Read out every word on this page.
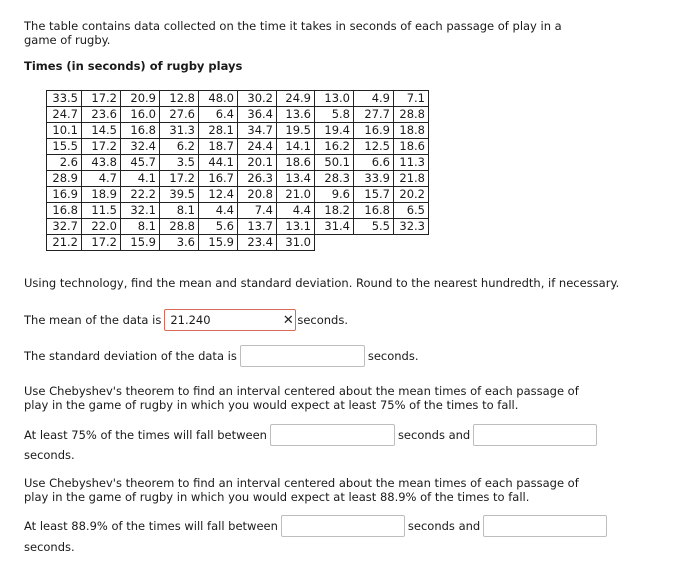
The table contains data collected on the time it takes in seconds of each passage of play in a game of rugby.
Times (in seconds) of rugby plays
33.5	17.2	20.9	12.8	48.0	30.2	24.9	13.0	4.9	7.1
24.7	23.6	16.0	27.6	6.4	36.4	13.6	5.8	27.7	28.8
10.1	14.5	16.8	31.3	28.1	34.7	19.5	19.4	16.9	18.8
15.5	17.2	32.4	6.2	18.7	24.4	14.1	16.2	12.5	18.6
2.6	43.8	45.7	3.5	44.1	20.1	18.6	50.1	6.6	11.3
28.9	4.7	4.1	17.2	16.7	26.3	13.4	28.3	33.9	21.8
16.9	18.9	22.2	39.5	12.4	20.8	21.0	9.6	15.7	20.2
16.8	11.5	32.1	8.1	4.4	7.4	4.4	18.2	16.8	6.5
32.7	22.0	8.1	28.8	5.6	13.7	13.1	31.4	5.5	32.3
21.2	17.2	15.9	3.6	15.9	23.4	31.0			
Using technology, find the mean and standard deviation. Round to the nearest hundredth, if necessary.
The mean of the data is 21.240	✕ seconds.
The standard deviation of the data is	seconds.
Use Chebyshev's theorem to find an interval centered about the mean times of each passage of play in the game of rugby in which you would expect at least 75% of the times to fall.
At least 75% of the times will fall between	seconds and
seconds.
Use Chebyshev's theorem to find an interval centered about the mean times of each passage of play in the game of rugby in which you would expect at least 88.9% of the times to fall.
At least 88.9% of the times will fall between	seconds and
seconds.
